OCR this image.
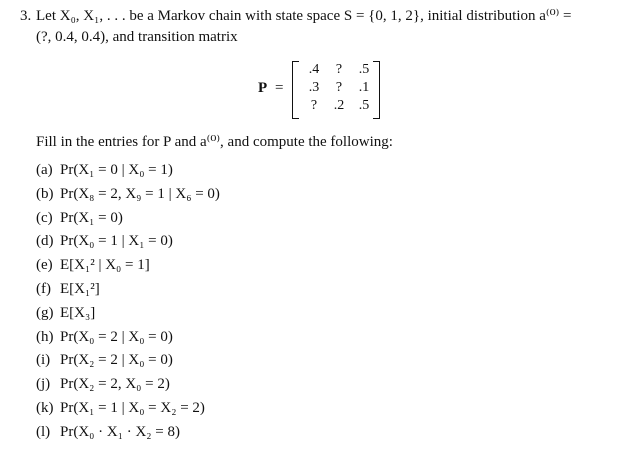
3. Let X₀, X₁, . . . be a Markov chain with state space S = {0, 1, 2}, initial distribution a⁽⁰⁾ =
(?, 0.4, 0.4), and transition matrix
P =
.4	?	.5
.3	?	.1
?	.2	.5
Fill in the entries for P and a⁽⁰⁾, and compute the following:
(a) Pr(X₁ = 0 | X₀ = 1)
(b) Pr(X₈ = 2, X₉ = 1 | X₆ = 0)
(c) Pr(X₁ = 0)
(d) Pr(X₀ = 1 | X₁ = 0)
(e) E[X₁² | X₀ = 1]
(f) E[X₁²]
(g) E[X₃]
(h) Pr(X₀ = 2 | X₀ = 0)
(i) Pr(X₂ = 2 | X₀ = 0)
(j) Pr(X₂ = 2, X₀ = 2)
(k) Pr(X₁ = 1 | X₀ = X₂ = 2)
(l) Pr(X₀ · X₁ · X₂ = 8)
